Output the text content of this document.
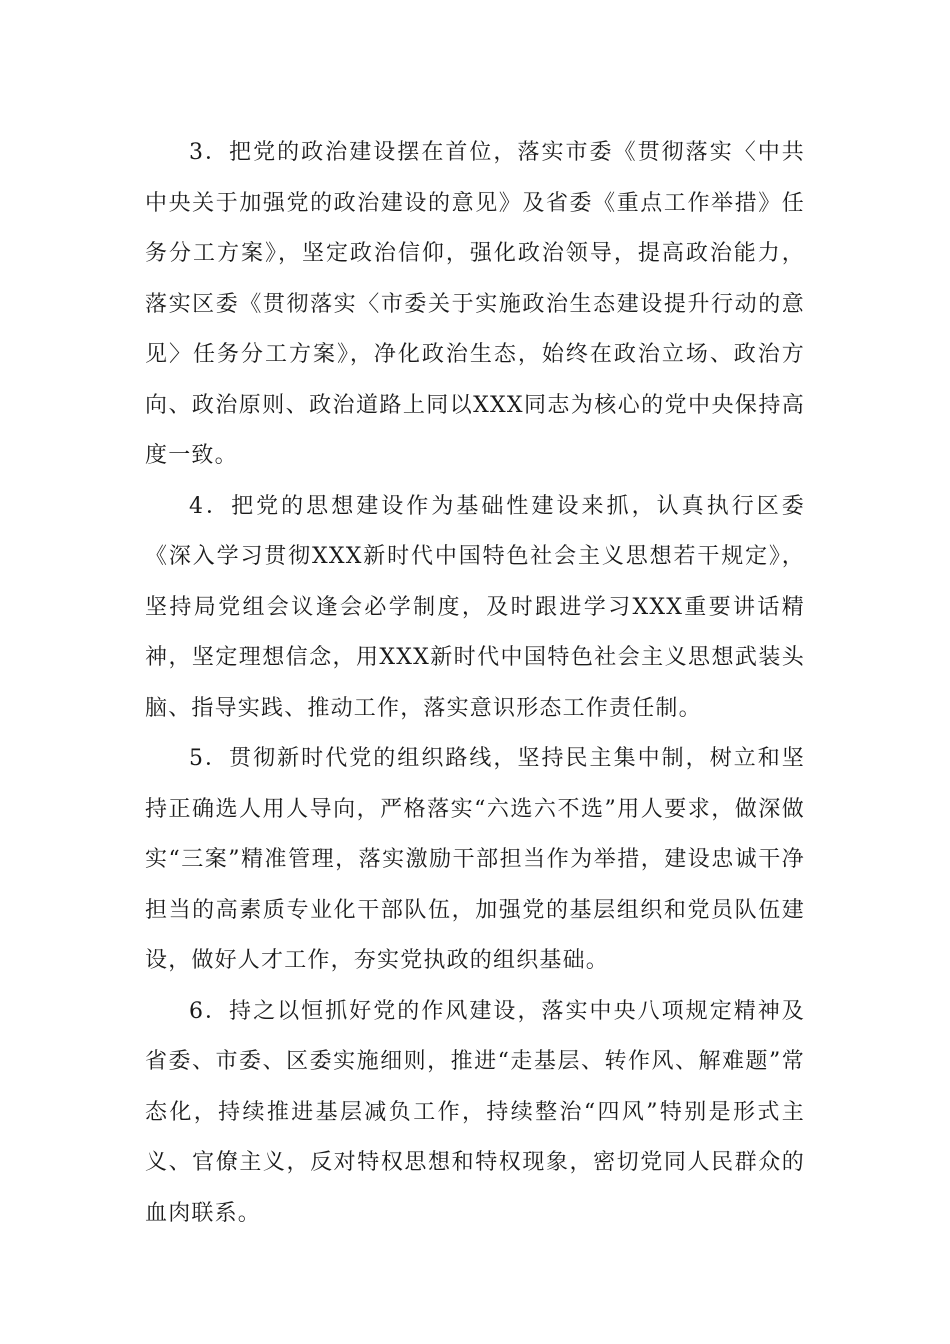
3．把党的政治建设摆在首位，落实市委《贯彻落实〈中共中央关于加强党的政治建设的意见》及省委《重点工作举措》任务分工方案》，坚定政治信仰，强化政治领导，提高政治能力，落实区委《贯彻落实〈市委关于实施政治生态建设提升行动的意见〉任务分工方案》，净化政治生态，始终在政治立场、政治方向、政治原则、政治道路上同以XXX同志为核心的党中央保持高度一致。

4．把党的思想建设作为基础性建设来抓，认真执行区委《深入学习贯彻XXX新时代中国特色社会主义思想若干规定》，坚持局党组会议逢会必学制度，及时跟进学习XXX重要讲话精神，坚定理想信念，用XXX新时代中国特色社会主义思想武装头脑、指导实践、推动工作，落实意识形态工作责任制。

5．贯彻新时代党的组织路线，坚持民主集中制，树立和坚持正确选人用人导向，严格落实“六选六不选”用人要求，做深做实“三案”精准管理，落实激励干部担当作为举措，建设忠诚干净担当的高素质专业化干部队伍，加强党的基层组织和党员队伍建设，做好人才工作，夯实党执政的组织基础。

6．持之以恒抓好党的作风建设，落实中央八项规定精神及省委、市委、区委实施细则，推进“走基层、转作风、解难题”常态化，持续推进基层减负工作，持续整治“四风”特别是形式主义、官僚主义，反对特权思想和特权现象，密切党同人民群众的血肉联系。
